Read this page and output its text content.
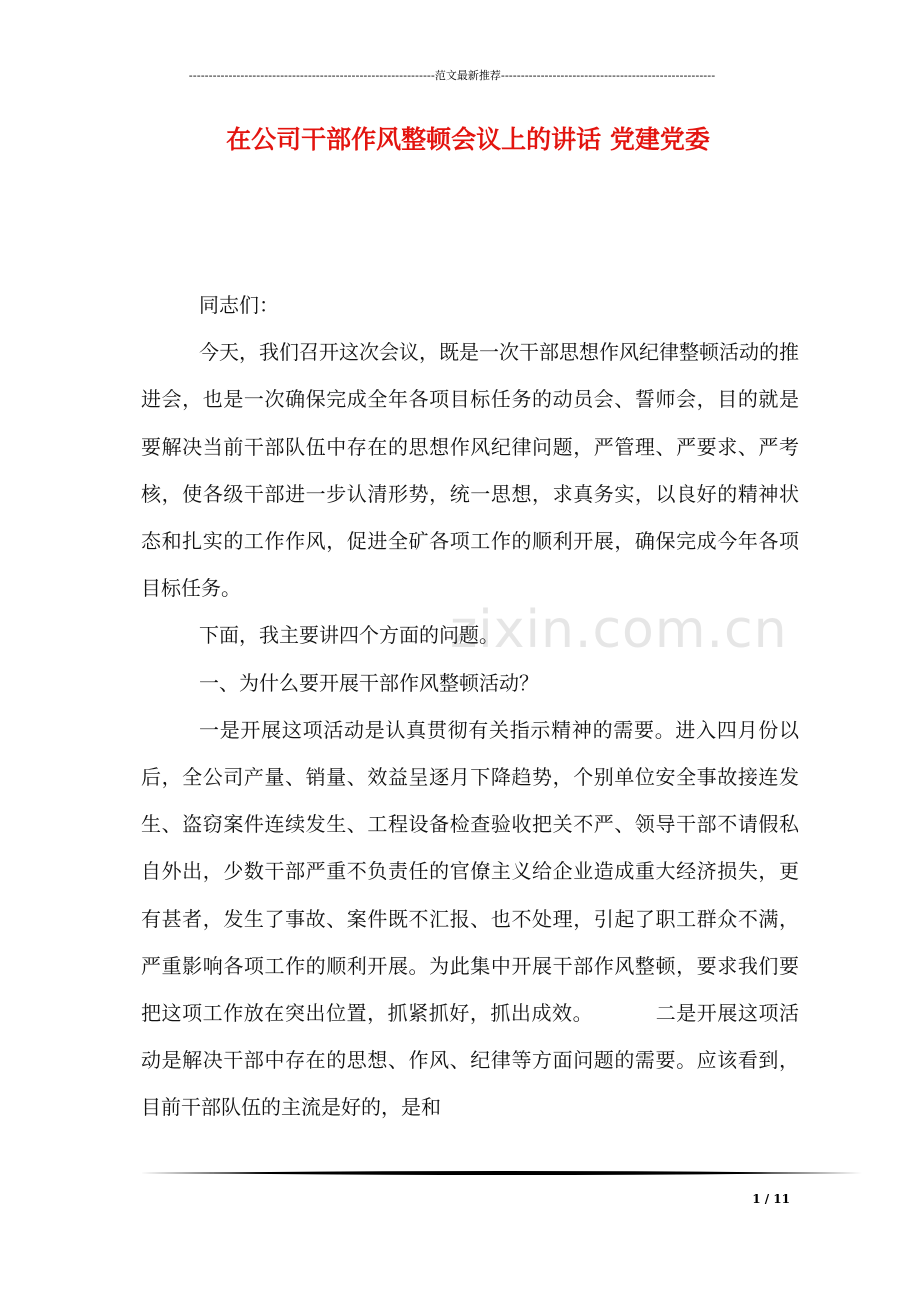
--------------------------------------------------------------范文最新推荐------------------------------------------------------
在公司干部作风整顿会议上的讲话 党建党委
zixin.com.cn

同志们：

今天，我们召开这次会议，既是一次干部思想作风纪律整顿活动的推进会，也是一次确保完成全年各项目标任务的动员会、誓师会，目的就是要解决当前干部队伍中存在的思想作风纪律问题，严管理、严要求、严考核，使各级干部进一步认清形势，统一思想，求真务实，以良好的精神状态和扎实的工作作风，促进全矿各项工作的顺利开展，确保完成今年各项目标任务。

下面，我主要讲四个方面的问题。

一、为什么要开展干部作风整顿活动？

一是开展这项活动是认真贯彻有关指示精神的需要。进入四月份以后，全公司产量、销量、效益呈逐月下降趋势，个别单位安全事故接连发生、盗窃案件连续发生、工程设备检查验收把关不严、领导干部不请假私自外出，少数干部严重不负责任的官僚主义给企业造成重大经济损失，更有甚者，发生了事故、案件既不汇报、也不处理，引起了职工群众不满，严重影响各项工作的顺利开展。为此集中开展干部作风整顿，要求我们要把这项工作放在突出位置，抓紧抓好，抓出成效。	二是开展这项活动是解决干部中存在的思想、作风、纪律等方面问题的需要。应该看到，目前干部队伍的主流是好的，是和

1 / 11
